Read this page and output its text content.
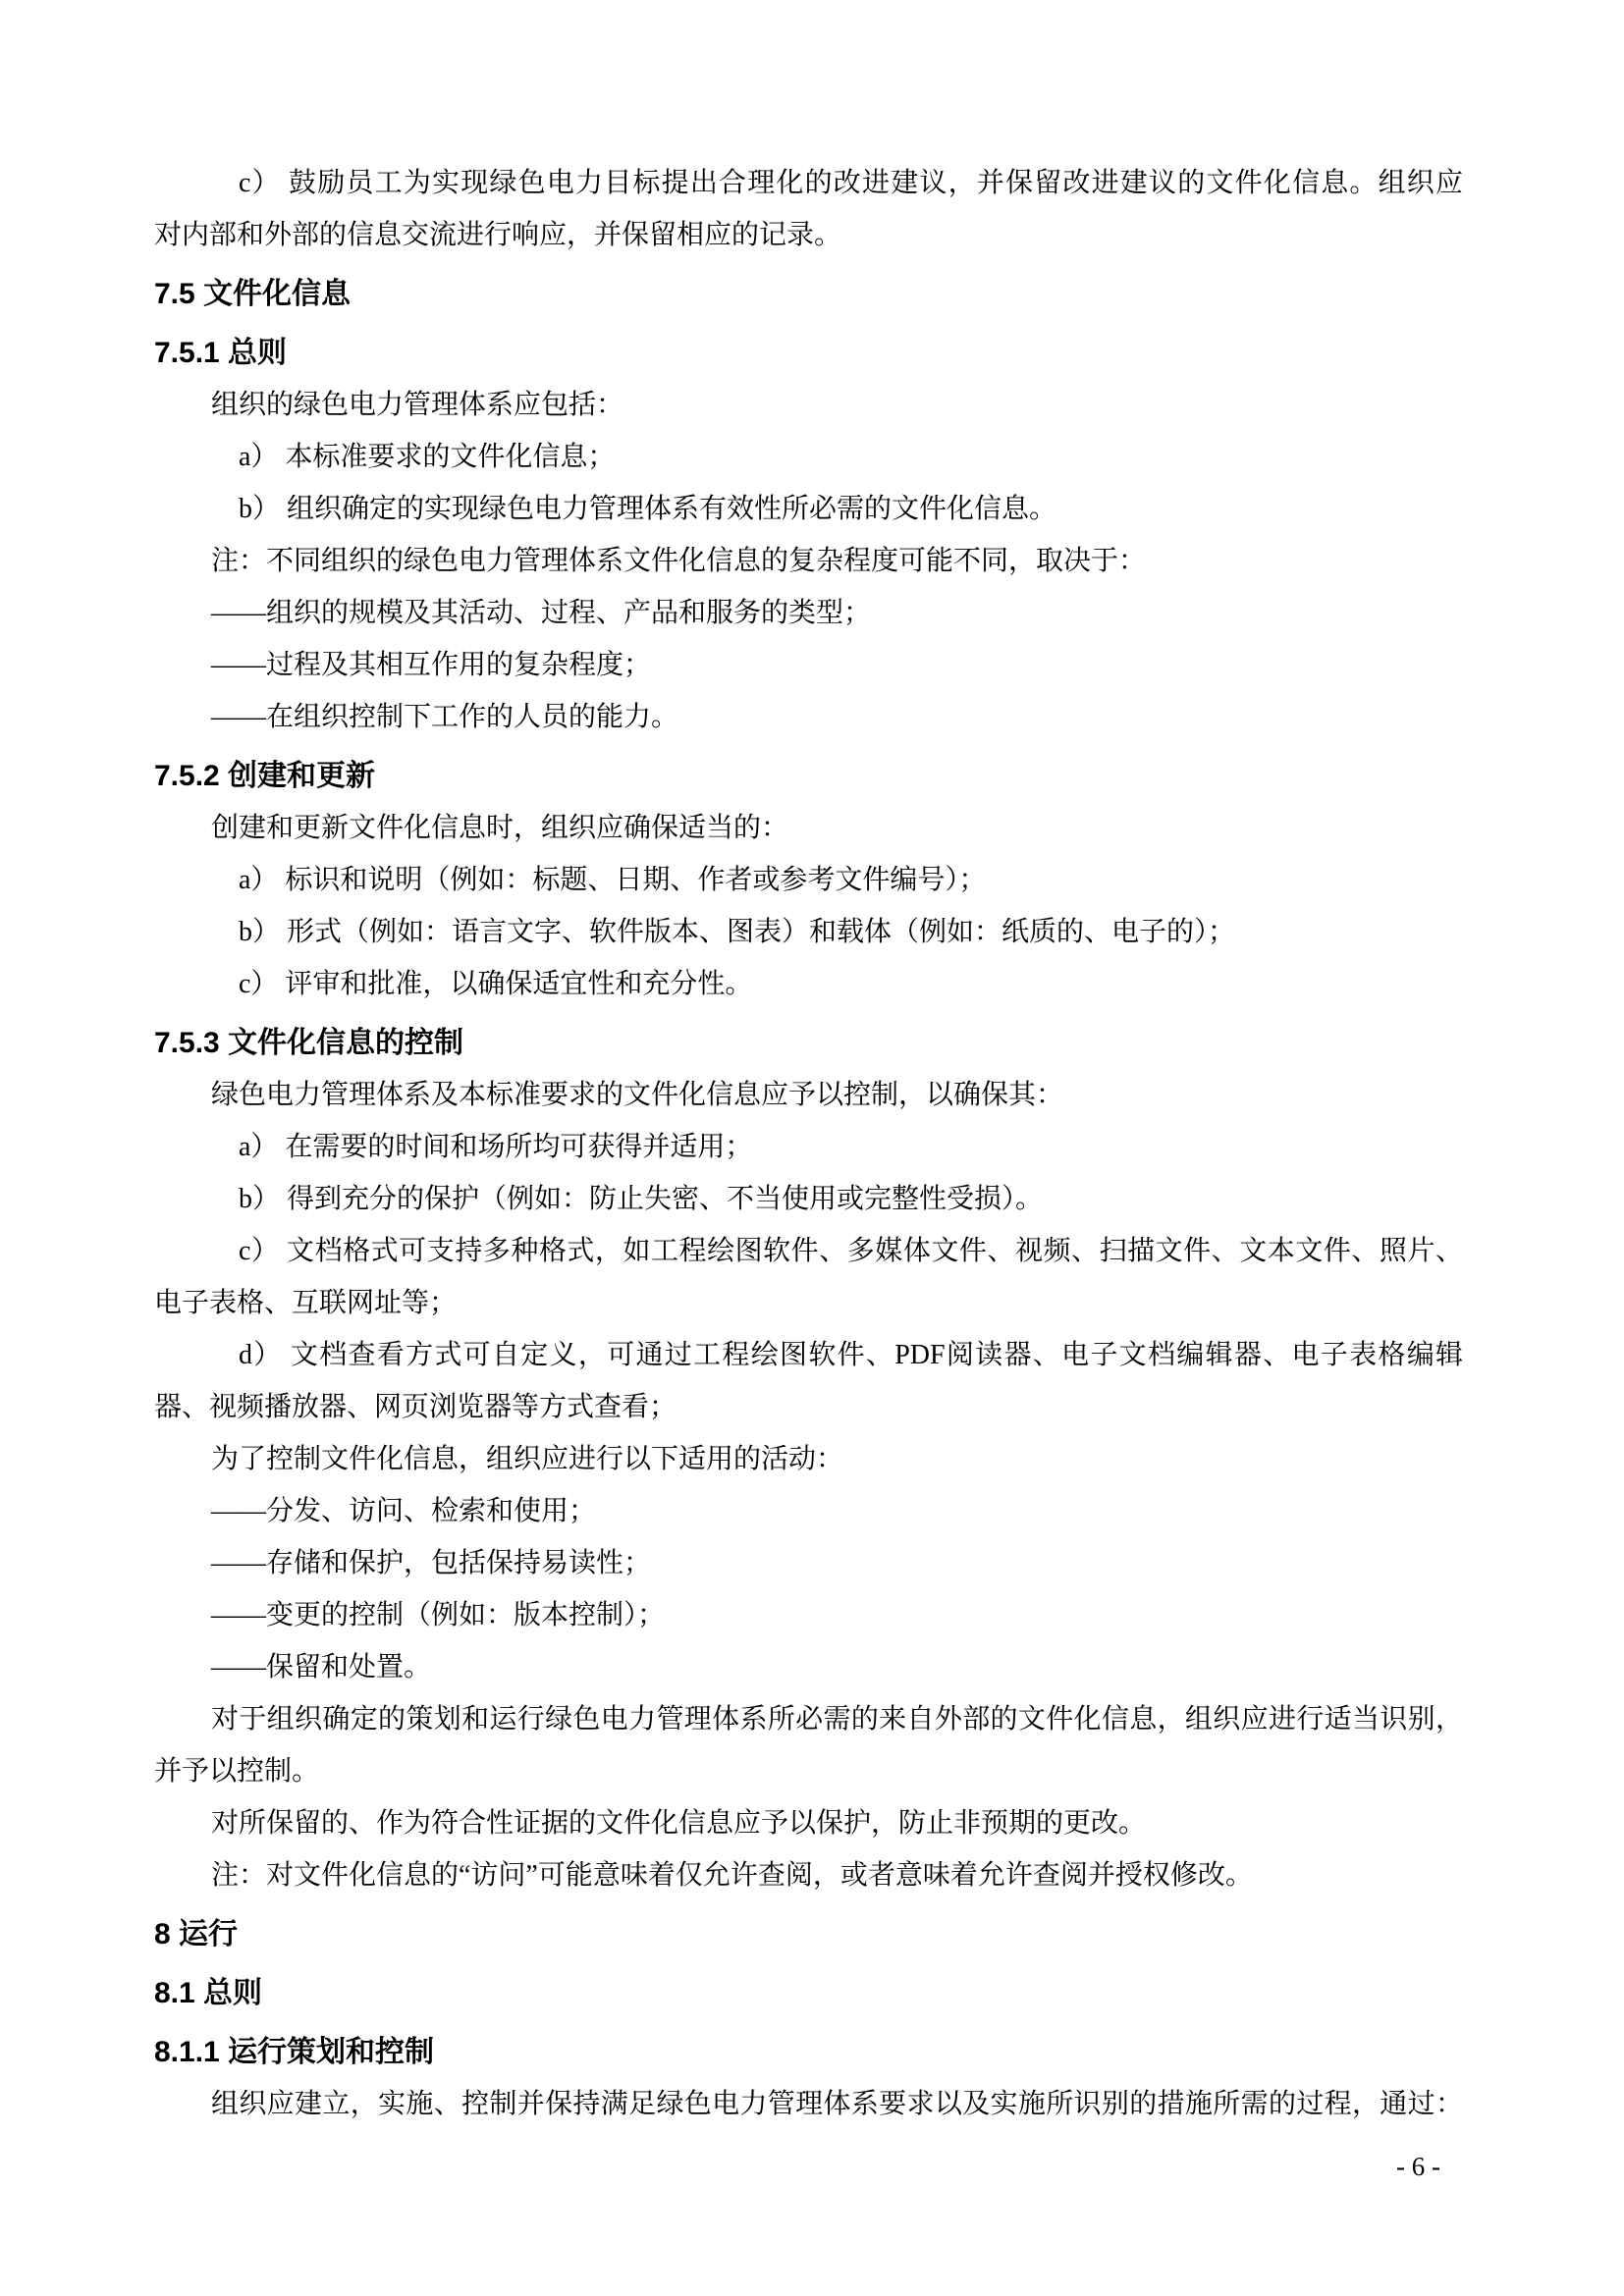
c） 鼓励员工为实现绿色电力目标提出合理化的改进建议，并保留改进建议的文件化信息。组织应
对内部和外部的信息交流进行响应，并保留相应的记录。
7.5 文件化信息
7.5.1 总则
组织的绿色电力管理体系应包括：
a） 本标准要求的文件化信息；
b） 组织确定的实现绿色电力管理体系有效性所必需的文件化信息。
注：不同组织的绿色电力管理体系文件化信息的复杂程度可能不同，取决于：
——组织的规模及其活动、过程、产品和服务的类型；
——过程及其相互作用的复杂程度；
——在组织控制下工作的人员的能力。
7.5.2 创建和更新
创建和更新文件化信息时，组织应确保适当的：
a） 标识和说明（例如：标题、日期、作者或参考文件编号）；
b） 形式（例如：语言文字、软件版本、图表）和载体（例如：纸质的、电子的）；
c） 评审和批准，以确保适宜性和充分性。
7.5.3 文件化信息的控制
绿色电力管理体系及本标准要求的文件化信息应予以控制，以确保其：
a） 在需要的时间和场所均可获得并适用；
b） 得到充分的保护（例如：防止失密、不当使用或完整性受损）。
c） 文档格式可支持多种格式，如工程绘图软件、多媒体文件、视频、扫描文件、文本文件、照片、
电子表格、互联网址等；
d） 文档查看方式可自定义，可通过工程绘图软件、PDF阅读器、电子文档编辑器、电子表格编辑
器、视频播放器、网页浏览器等方式查看；
为了控制文件化信息，组织应进行以下适用的活动：
——分发、访问、检索和使用；
——存储和保护，包括保持易读性；
——变更的控制（例如：版本控制）；
——保留和处置。
对于组织确定的策划和运行绿色电力管理体系所必需的来自外部的文件化信息，组织应进行适当识别，
并予以控制。
对所保留的、作为符合性证据的文件化信息应予以保护，防止非预期的更改。
注：对文件化信息的“访问”可能意味着仅允许查阅，或者意味着允许查阅并授权修改。
8 运行
8.1 总则
8.1.1 运行策划和控制
组织应建立，实施、控制并保持满足绿色电力管理体系要求以及实施所识别的措施所需的过程，通过：
- 6 -
